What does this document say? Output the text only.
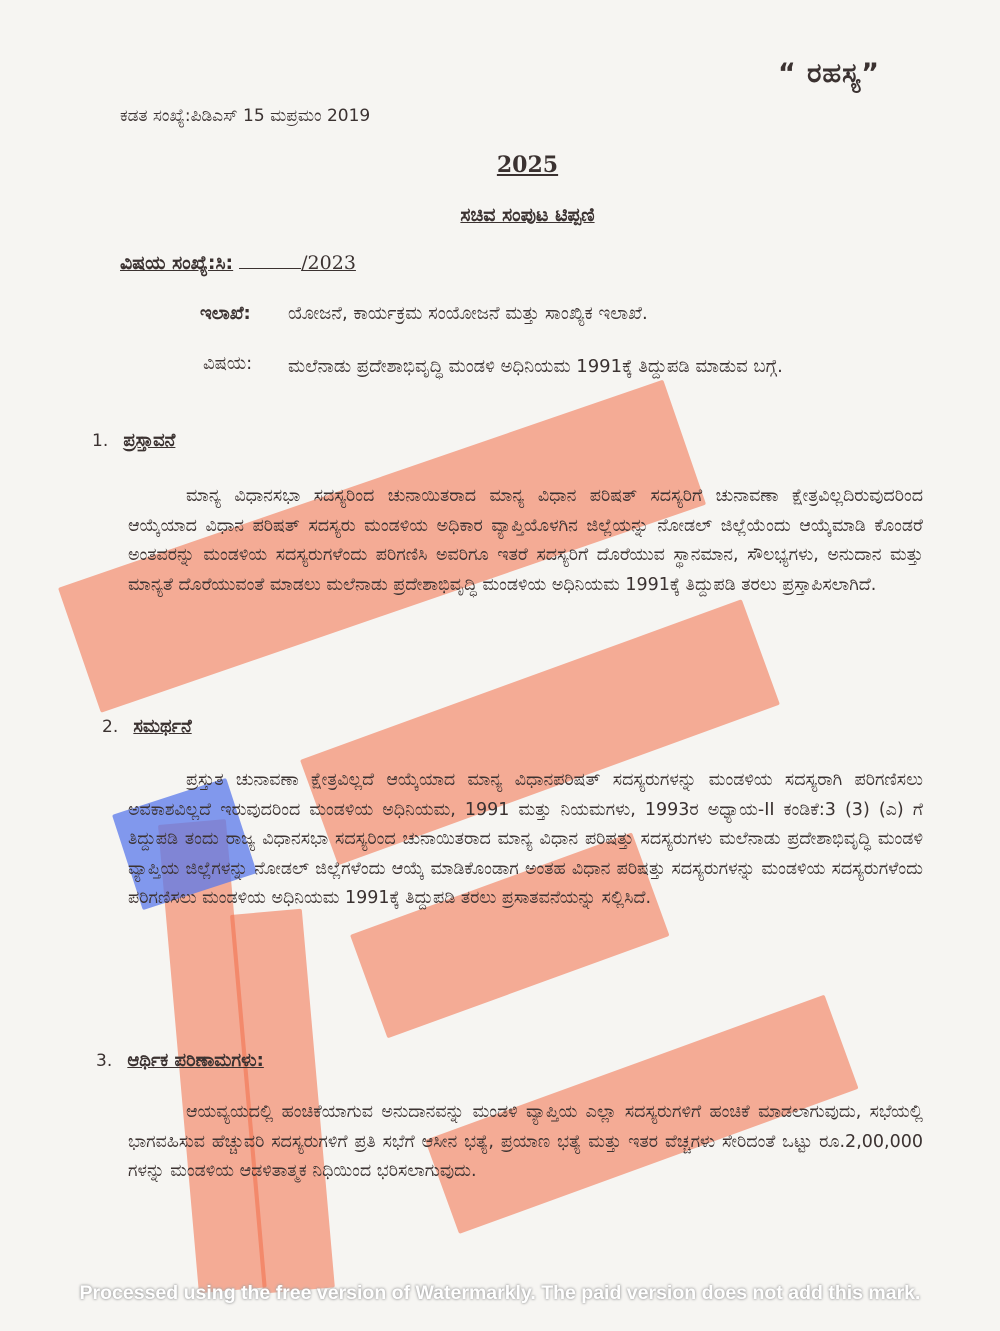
“ ರಹಸ್ಯ”
ಕಡತ ಸಂಖ್ಯೆ:ಪಿಡಿಎಸ್ 15 ಮಪ್ರಮಂ 2019
2025
ಸಚಿವ ಸಂಪುಟ ಟಿಪ್ಪಣಿ
ವಿಷಯ ಸಂಖ್ಯೆ:ಸಿ:	/2023
ಇಲಾಖೆ: ಯೋಜನೆ, ಕಾರ್ಯಕ್ರಮ ಸಂಯೋಜನೆ ಮತ್ತು ಸಾಂಖ್ಯಿಕ ಇಲಾಖೆ.
ವಿಷಯ: ಮಲೆನಾಡು ಪ್ರದೇಶಾಭಿವೃದ್ಧಿ ಮಂಡಳಿ ಅಧಿನಿಯಮ 1991ಕ್ಕೆ ತಿದ್ದುಪಡಿ ಮಾಡುವ ಬಗ್ಗೆ.
1. ಪ್ರಸ್ತಾವನೆ

ಮಾನ್ಯ ವಿಧಾನಸಭಾ ಸದಸ್ಯರಿಂದ ಚುನಾಯಿತರಾದ ಮಾನ್ಯ ವಿಧಾನ ಪರಿಷತ್ ಸದಸ್ಯರಿಗೆ ಚುನಾವಣಾ ಕ್ಷೇತ್ರವಿಲ್ಲದಿರುವುದರಿಂದ ಆಯ್ಕೆಯಾದ ವಿಧಾನ ಪರಿಷತ್ ಸದಸ್ಯರು ಮಂಡಳಿಯ ಅಧಿಕಾರ ವ್ಯಾಪ್ತಿಯೊಳಗಿನ ಜಿಲ್ಲೆಯನ್ನು ನೋಡಲ್ ಜಿಲ್ಲೆಯೆಂದು ಆಯ್ಕೆಮಾಡಿ ಕೊಂಡರೆ ಅಂತವರನ್ನು ಮಂಡಳಿಯ ಸದಸ್ಯರುಗಳೆಂದು ಪರಿಗಣಿಸಿ ಅವರಿಗೂ ಇತರೆ ಸದಸ್ಯರಿಗೆ ದೊರೆಯುವ ಸ್ಥಾನಮಾನ, ಸೌಲಭ್ಯಗಳು, ಅನುದಾನ ಮತ್ತು ಮಾನ್ಯತೆ ದೊರೆಯುವಂತೆ ಮಾಡಲು ಮಲೆನಾಡು ಪ್ರದೇಶಾಭಿವೃದ್ಧಿ ಮಂಡಳಿಯ ಅಧಿನಿಯಮ 1991ಕ್ಕೆ ತಿದ್ದುಪಡಿ ತರಲು ಪ್ರಸ್ತಾಪಿಸಲಾಗಿದೆ.

2. ಸಮರ್ಥನೆ

ಪ್ರಸ್ತುತ ಚುನಾವಣಾ ಕ್ಷೇತ್ರವಿಲ್ಲದೆ ಆಯ್ಕೆಯಾದ ಮಾನ್ಯ ವಿಧಾನಪರಿಷತ್ ಸದಸ್ಯರುಗಳನ್ನು ಮಂಡಳಿಯ ಸದಸ್ಯರಾಗಿ ಪರಿಗಣಿಸಲು ಅವಕಾಶವಿಲ್ಲದೆ ಇರುವುದರಿಂದ ಮಂಡಳಿಯ ಅಧಿನಿಯಮ, 1991 ಮತ್ತು ನಿಯಮಗಳು, 1993ರ ಅಧ್ಯಾಯ-II ಕಂಡಿಕೆ:3 (3) (ಎ) ಗೆ ತಿದ್ದುಪಡಿ ತಂದು ರಾಜ್ಯ ವಿಧಾನಸಭಾ ಸದಸ್ಯರಿಂದ ಚುನಾಯಿತರಾದ ಮಾನ್ಯ ವಿಧಾನ ಪರಿಷತ್ತು ಸದಸ್ಯರುಗಳು ಮಲೆನಾಡು ಪ್ರದೇಶಾಭಿವೃದ್ಧಿ ಮಂಡಳಿ ವ್ಯಾಪ್ತಿಯ ಜಿಲ್ಲೆಗಳನ್ನು ನೋಡಲ್ ಜಿಲ್ಲೆಗಳೆಂದು ಆಯ್ಕೆ ಮಾಡಿಕೊಂಡಾಗ ಅಂತಹ ವಿಧಾನ ಪರಿಷತ್ತು ಸದಸ್ಯರುಗಳನ್ನು ಮಂಡಳಿಯ ಸದಸ್ಯರುಗಳೆಂದು ಪರಿಗಣಿಸಲು ಮಂಡಳಿಯ ಅಧಿನಿಯಮ 1991ಕ್ಕೆ ತಿದ್ದುಪಡಿ ತರಲು ಪ್ರಸಾತವನೆಯನ್ನು ಸಲ್ಲಿಸಿದೆ.

3. ಆರ್ಥಿಕ ಪರಿಣಾಮಗಳು:

ಆಯವ್ಯಯದಲ್ಲಿ ಹಂಚಿಕೆಯಾಗುವ ಅನುದಾನವನ್ನು ಮಂಡಳಿ ವ್ಯಾಪ್ತಿಯ ಎಲ್ಲಾ ಸದಸ್ಯರುಗಳಿಗೆ ಹಂಚಿಕೆ ಮಾಡಲಾಗುವುದು, ಸಭೆಯಲ್ಲಿ ಭಾಗವಹಿಸುವ ಹೆಚ್ಚುವರಿ ಸದಸ್ಯರುಗಳಿಗೆ ಪ್ರತಿ ಸಭೆಗೆ ಆಸೀನ ಭತ್ಯೆ, ಪ್ರಯಾಣ ಭತ್ಯೆ ಮತ್ತು ಇತರ ವೆಚ್ಚಗಳು ಸೇರಿದಂತೆ ಒಟ್ಟು ರೂ.2,00,000 ಗಳನ್ನು ಮಂಡಳಿಯ ಆಡಳಿತಾತ್ಮಕ ನಿಧಿಯಿಂದ ಭರಿಸಲಾಗುವುದು.

Processed using the free version of Watermarkly. The paid version does not add this mark.
